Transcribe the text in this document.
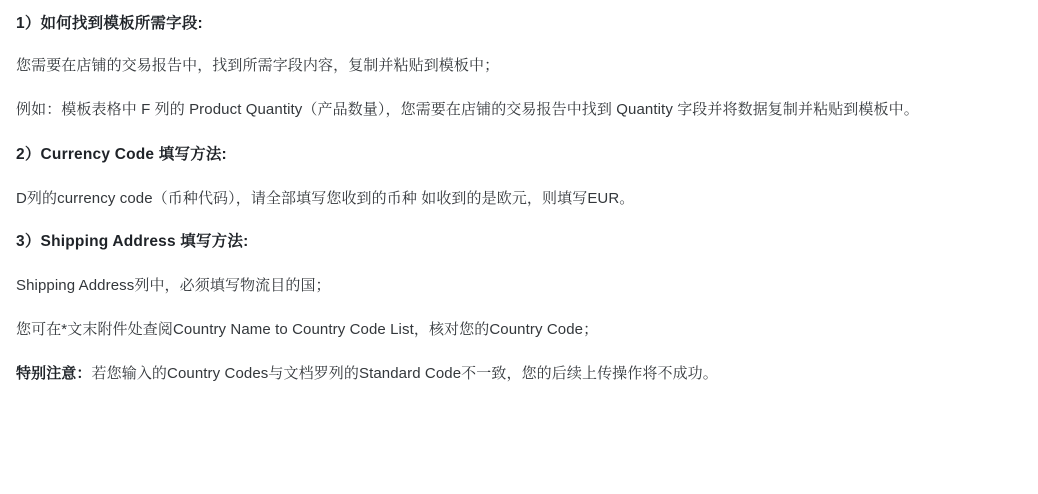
1）如何找到模板所需字段:

您需要在店铺的交易报告中，找到所需字段内容，复制并粘贴到模板中；

例如：模板表格中 F 列的 Product Quantity（产品数量），您需要在店铺的交易报告中找到 Quantity 字段并将数据复制并粘贴到模板中。

2）Currency Code 填写方法:

D列的currency code（币种代码），请全部填写您收到的币种 如收到的是欧元，则填写EUR。

3）Shipping Address 填写方法:

Shipping Address列中，必须填写物流目的国；

您可在*文末附件处查阅Country Name to Country Code List，核对您的Country Code；

特别注意：若您输入的Country Codes与文档罗列的Standard Code不一致，您的后续上传操作将不成功。
